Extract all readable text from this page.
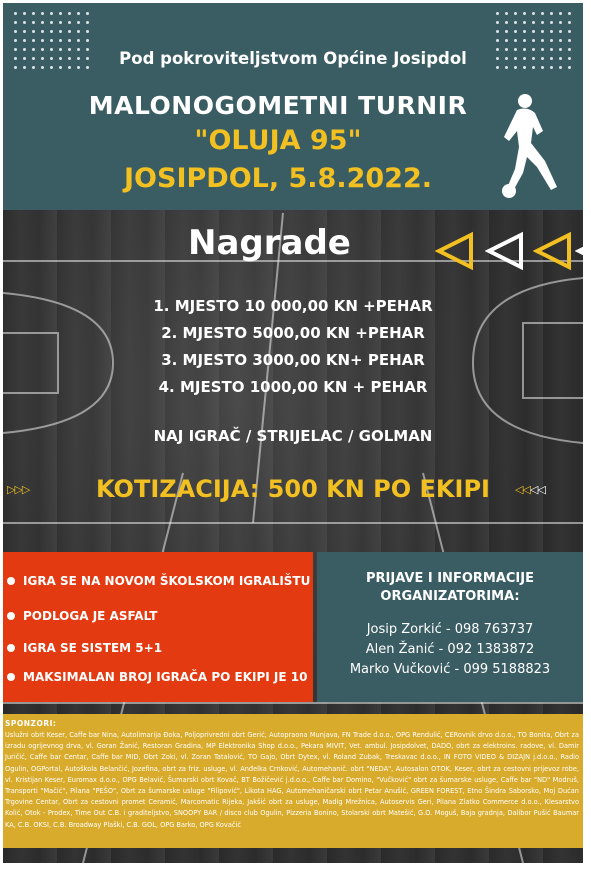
Pod pokroviteljstvom Općine Josipdol
MALONOGOMETNI TURNIR
"OLUJA 95"
JOSIPDOL, 5.8.2022.
Nagrade
1. MJESTO 10 000,00 KN +PEHAR
2. MJESTO 5000,00 KN +PEHAR
3. MJESTO 3000,00 KN+ PEHAR
4. MJESTO 1000,00 KN + PEHAR
NAJ IGRAČ / STRIJELAC / GOLMAN
▷▷▷	KOTIZACIJA: 500 KN PO EKIPI	◁◁◁◁
IGRA SE NA NOVOM ŠKOLSKOM IGRALIŠTU
PODLOGA JE ASFALT
IGRA SE SISTEM 5+1
MAKSIMALAN BROJ IGRAČA PO EKIPI JE 10
PRIJAVE I INFORMACIJE
ORGANIZATORIMA:
Josip Zorkić - 098 763737
Alen Žanić - 092 1383872
Marko Vučković - 099 5188823
SPONZORI:
Uslužni obrt Keser, Caffe bar Nina, Autolimarija Đoka, Poljoprivredni obrt Gerić, Autopraona Munjava, FN Trade d.o.o., OPG Rendulić, CERovnik drvo d.o.o., TO Bonita, Obrt za izradu ogrijevnog drva, vl. Goran Žanić, Restoran Gradina, MP Elektronika Shop d.o.o., Pekara MIVIT, Vet. ambul. Josipdolvet, DADO, obrt za elektroins. radove, vl. Damir Juričić, Caffe bar Centar, Caffe bar MID, Obrt Zoki, vl. Zoran Tatalović, TO Gajo, Obrt Dytex, vl. Roland Zubak, Treskavac d.o.o., IN FOTO VIDEO & DIZAJN j.d.o.o., Radio Ogulin, OGPortal, Autoškola Belančić, Jozefina, obrt za friz. usluge, vl. Anđelka Crnković, Automehanič. obrt "NEDA", Autosalon OTOK, Keser, obrt za cestovni prijevoz robe, vl. Kristijan Keser, Euromax d.o.o., OPG Belavić, Šumarski obrt Kovač, BT Božičević j.d.o.o., Caffe bar Domino, "Vučković" obrt za šumarske usluge, Caffe bar "ND" Modruš, Transporti "Mačić", Pilana "PEŠO", Obrt za šumarske usluge "Filipović", Likota HAG, Automehaničarski obrt Petar Anušić, GREEN FOREST, Etno Šindra Saborsko, Moj Dućan Trgovine Centar, Obrt za cestovni promet Ceramić, Marcomatic Rijeka, Jakšić obrt za usluge, Madig Mrežnica, Autoservis Geri, Pilana Zlatko Commerce d.o.o., Klesarstvo Kolić, Otok - Prodex, Time Out C.B. i graditeljstvo, SNOOPY BAR / disco club Ogulin, Pizzeria Bonino, Stolarski obrt Matešić, G.O. Moguš, Baja gradnja, Dalibor Pušić Baumar KA, C.B. OKSI, C.B. Broadway Plaški, C.B. GOL, OPG Barko, OPG Kovačić
